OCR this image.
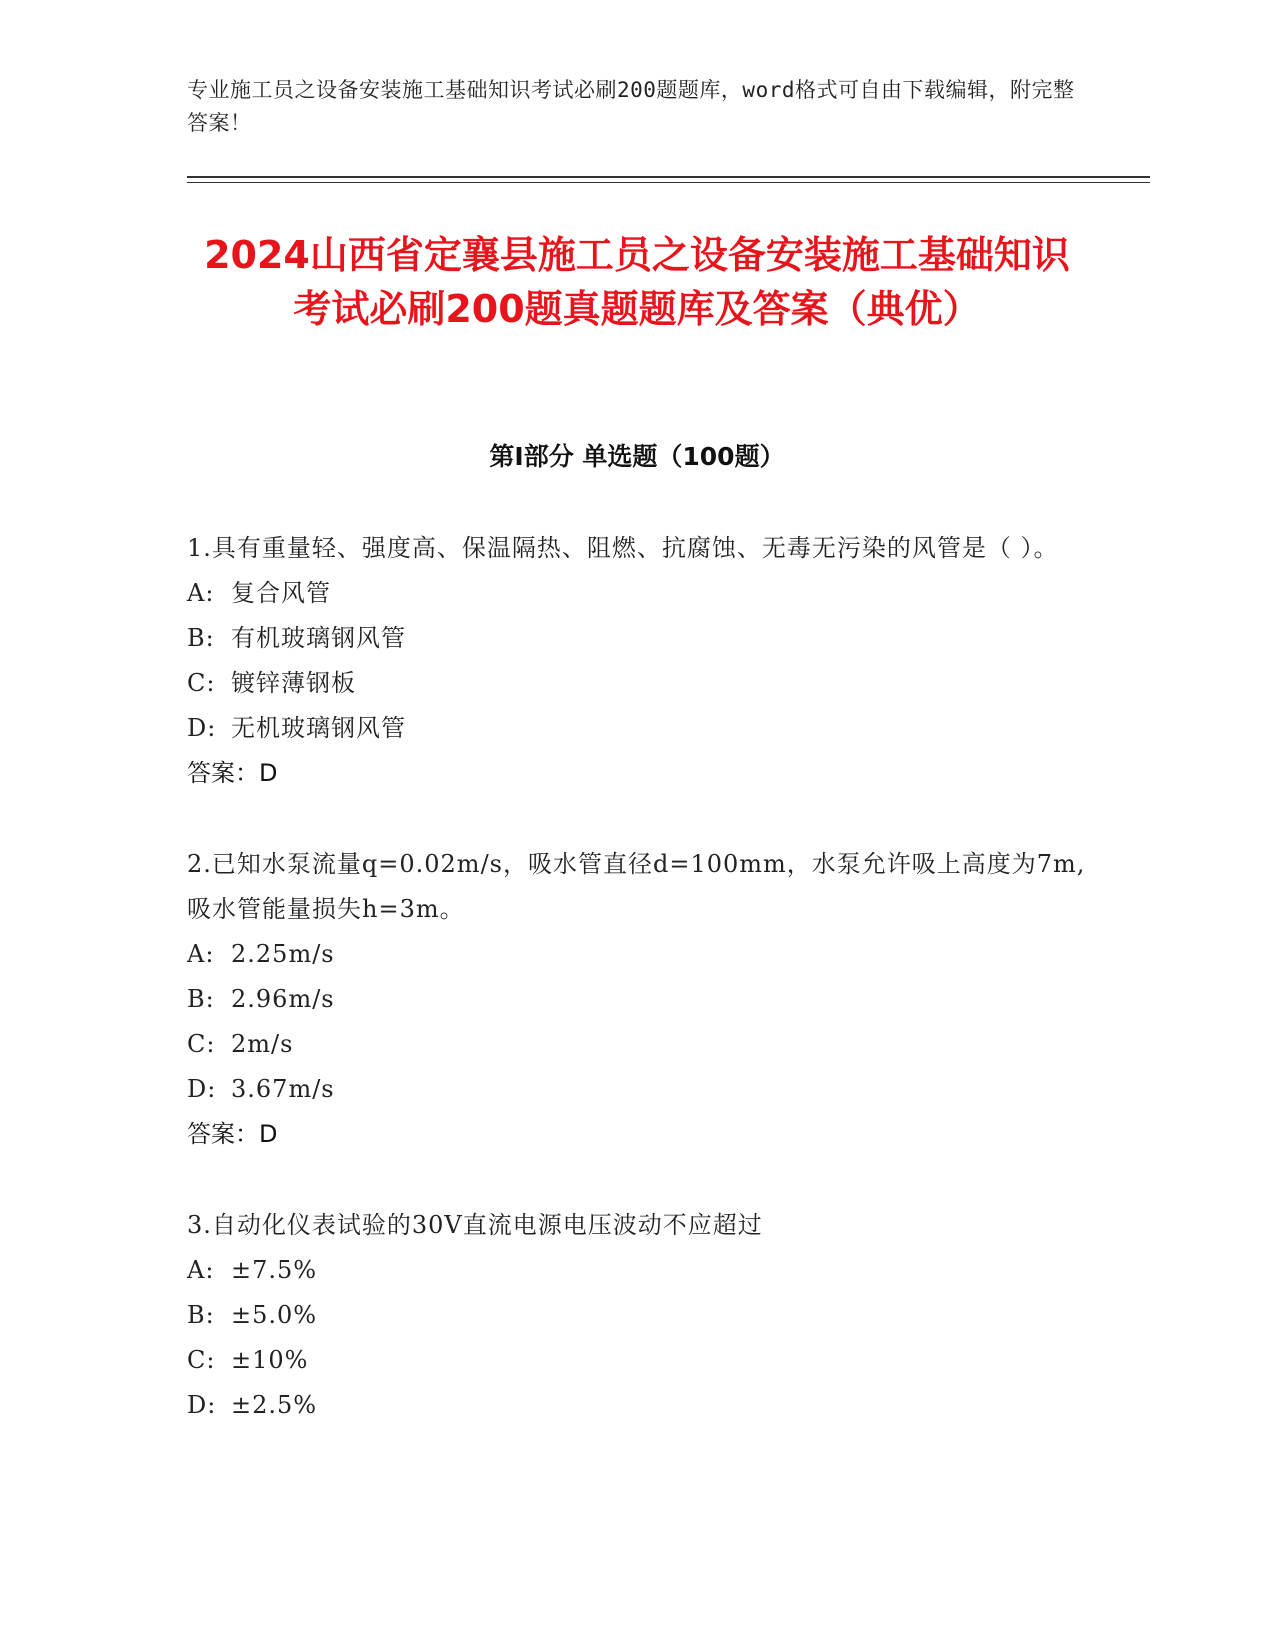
专业施工员之设备安装施工基础知识考试必刷200题题库，word格式可自由下载编辑，附完整答案！
2024山西省定襄县施工员之设备安装施工基础知识考试必刷200题真题题库及答案（典优）
第I部分 单选题（100题）
1.具有重量轻、强度高、保温隔热、阻燃、抗腐蚀、无毒无污染的风管是（ ）。
A: 复合风管
B: 有机玻璃钢风管
C: 镀锌薄钢板
D: 无机玻璃钢风管
答案：D
2.已知水泵流量q=0.02m/s，吸水管直径d=100mm，水泵允许吸上高度为7m,吸水管能量损失h=3m。
A: 2.25m/s
B: 2.96m/s
C: 2m/s
D: 3.67m/s
答案：D
3.自动化仪表试验的30V直流电源电压波动不应超过
A: ±7.5%
B: ±5.0%
C: ±10%
D: ±2.5%
